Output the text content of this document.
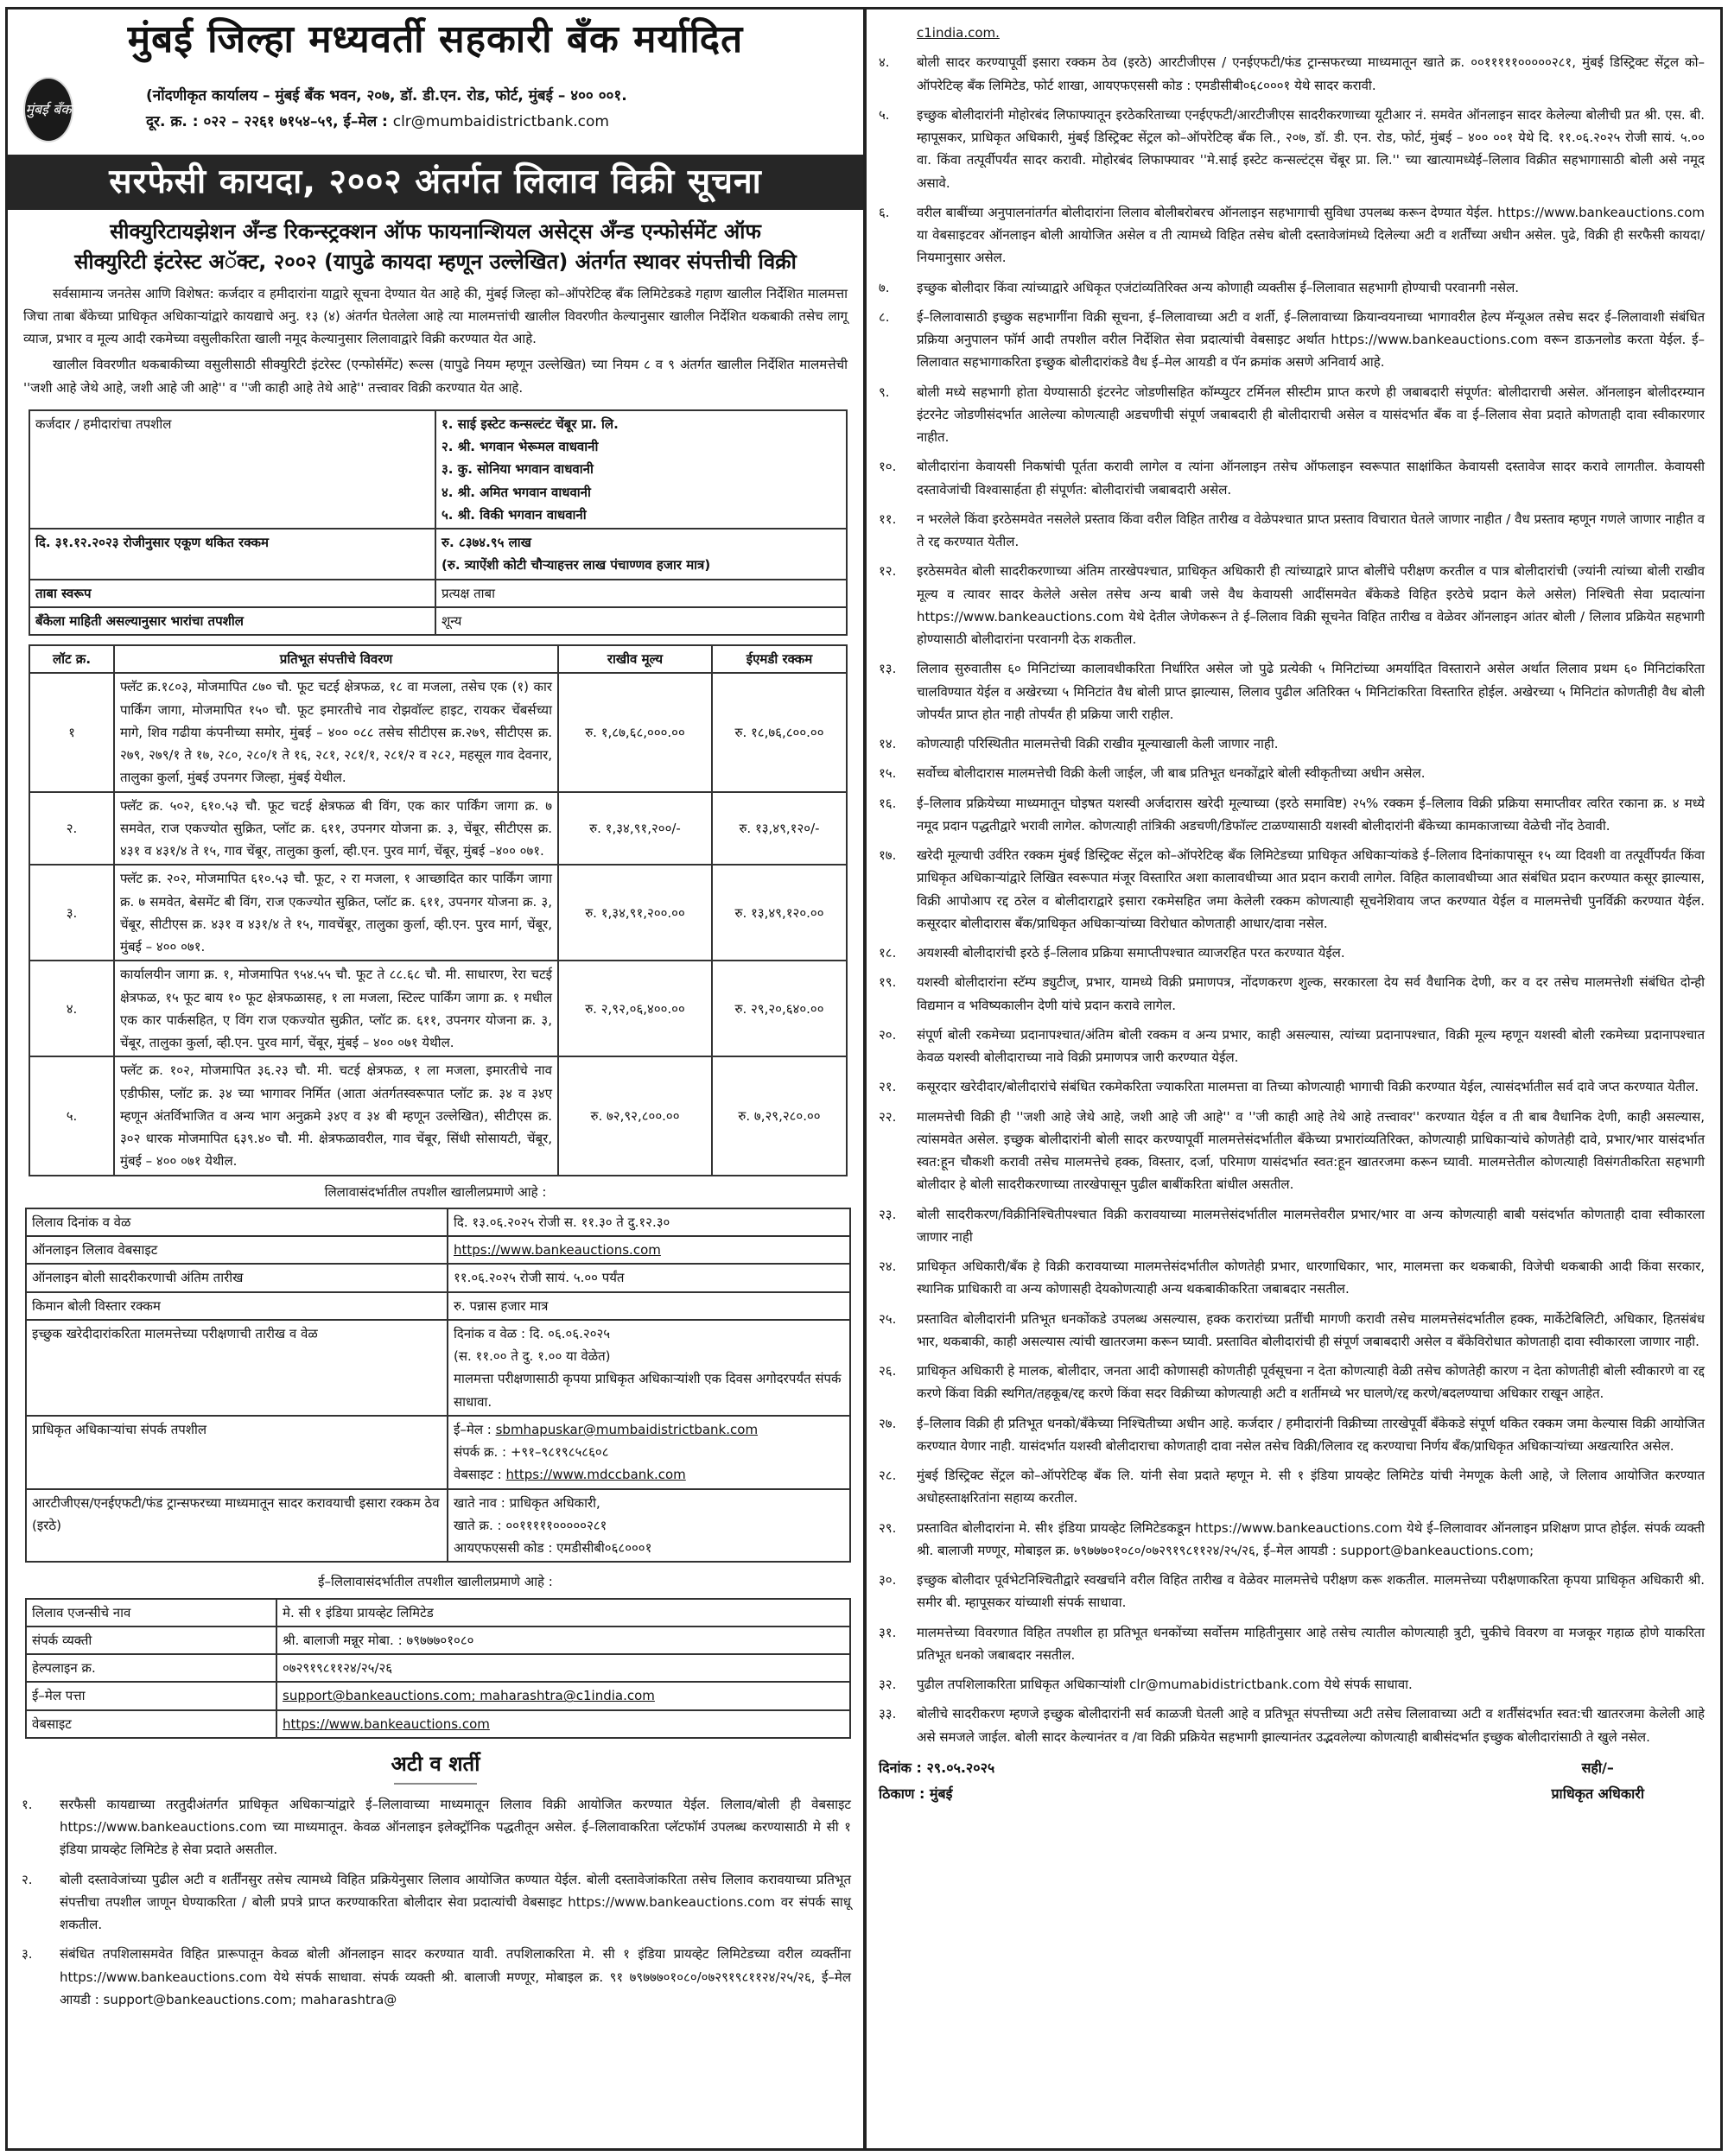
मुंबई जिल्हा मध्यवर्ती सहकारी बँक मर्यादित
मुंबई बँक
(नोंदणीकृत कार्यालय – मुंबई बँक भवन, २०७, डॉ. डी.एन. रोड, फोर्ट, मुंबई – ४०० ००१.
दूर. क्र. : ०२२ – २२६१ ७१५४–५९, ई–मेल : clr@mumbaidistrictbank.com
सरफेसी कायदा, २००२ अंतर्गत लिलाव विक्री सूचना
सीक्युरिटायझेशन अँन्ड रिकन्स्ट्रक्शन ऑफ फायनान्शियल असेट्स अँन्ड एन्फोर्समेंट ऑफ
सीक्युरिटी इंटरेस्ट अॅक्ट, २००२ (यापुढे कायदा म्हणून उल्लेखित) अंतर्गत स्थावर संपत्तीची विक्री

सर्वसामान्य जनतेस आणि विशेषत: कर्जदार व हमीदारांना याद्वारे सूचना देण्यात येत आहे की, मुंबई जिल्हा को–ऑपरेटिव्ह बँक लिमिटेडकडे गहाण खालील निर्देशित मालमत्ता जिचा ताबा बँकेच्या प्राधिकृत अधिकाऱ्यांद्वारे कायद्याचे अनु. १३ (४) अंतर्गत घेतलेला आहे त्या मालमत्तांची खालील विवरणीत केल्यानुसार खालील निर्देशित थकबाकी तसेच लागू व्याज, प्रभार व मूल्य आदी रकमेच्या वसुलीकरिता खाली नमूद केल्यानुसार लिलावाद्वारे विक्री करण्यात येत आहे.

खालील विवरणीत थकबाकीच्या वसुलीसाठी सीक्युरिटी इंटरेस्ट (एन्फोर्समेंट) रूल्स (यापुढे नियम म्हणून उल्लेखित) च्या नियम ८ व ९ अंतर्गत खालील निर्देशित मालमत्तेची ''जशी आहे जेथे आहे, जशी आहे जी आहे'' व ''जी काही आहे तेथे आहे'' तत्त्वावर विक्री करण्यात येत आहे.

कर्जदार / हमीदारांचा तपशील	१. साई इस्टेट कन्सल्टंट चेंबूर प्रा. लि.
२. श्री. भगवान भेरूमल वाधवानी
३. कु. सोनिया भगवान वाधवानी
४. श्री. अमित भगवान वाधवानी
५. श्री. विकी भगवान वाधवानी

दि. ३१.१२.२०२३ रोजीनुसार एकूण थकित रक्कम	रु. ८३७४.९५ लाख
(रु. त्र्याऐंशी कोटी चौऱ्याहत्तर लाख पंचाण्णव हजार मात्र)

ताबा स्वरूप	प्रत्यक्ष ताबा
बँकेला माहिती असल्यानुसार भारांचा तपशील	शून्य
लॉट क्र.	प्रतिभूत संपत्तीचे विवरण	राखीव मूल्य	ईएमडी रक्कम
१	फ्लॅट क्र.१८०३, मोजमापित ८७० चौ. फूट चटई क्षेत्रफळ, १८ वा मजला, तसेच एक (१) कार पार्किंग जागा, मोजमापित १५० चौ. फूट इमारतीचे नाव रोझवॉल्ट हाइट, रायकर चेंबर्सच्या मागे, शिव गढीया कंपनीच्या समोर, मुंबई – ४०० ०८८ तसेच सीटीएस क्र.२७९, सीटीएस क्र. २७९, २७९/१ ते १७, २८०, २८०/१ ते १६, २८१, २८१/१, २८१/२ व २८२, महसूल गाव देवनार, तालुका कुर्ला, मुंबई उपनगर जिल्हा, मुंबई येथील.	रु. १,८७,६८,०००.००	रु. १८,७६,८००.००
२.	फ्लॅट क्र. ५०२, ६१०.५३ चौ. फूट चटई क्षेत्रफळ बी विंग, एक कार पार्किंग जागा क्र. ७ समवेत, राज एकज्योत सुक्रित, प्लॉट क्र. ६११, उपनगर योजना क्र. ३, चेंबूर, सीटीएस क्र. ४३१ व ४३१/४ ते १५, गाव चेंबूर, तालुका कुर्ला, व्ही.एन. पुरव मार्ग, चेंबूर, मुंबई –४०० ०७१.	रु. १,३४,९१,२००/-	रु. १३,४९,१२०/-
३.	फ्लॅट क्र. २०२, मोजमापित ६१०.५३ चौ. फूट, २ रा मजला, १ आच्छादित कार पार्किंग जागा क्र. ७ समवेत, बेसमेंट बी विंग, राज एकज्योत सुक्रित, प्लॉट क्र. ६११, उपनगर योजना क्र. ३, चेंबूर, सीटीएस क्र. ४३१ व ४३१/४ ते १५, गावचेंबूर, तालुका कुर्ला, व्ही.एन. पुरव मार्ग, चेंबूर, मुंबई – ४०० ०७१.	रु. १,३४,९१,२००.००	रु. १३,४९,१२०.००
४.	कार्यालयीन जागा क्र. १, मोजमापित ९५४.५५ चौ. फूट ते ८८.६८ चौ. मी. साधारण, रेरा चटई क्षेत्रफळ, १५ फूट बाय १० फूट क्षेत्रफळासह, १ ला मजला, स्टिल्ट पार्किंग जागा क्र. १ मधील एक कार पार्कसहित, ए विंग राज एकज्योत सुक्रीत, प्लॉट क्र. ६११, उपनगर योजना क्र. ३, चेंबूर, तालुका कुर्ला, व्ही.एन. पुरव मार्ग, चेंबूर, मुंबई – ४०० ०७१ येथील.	रु. २,९२,०६,४००.००	रु. २९,२०,६४०.००
५.	फ्लॅट क्र. १०२, मोजमापित ३६.२३ चौ. मी. चटई क्षेत्रफळ, १ ला मजला, इमारतीचे नाव एडीफीस, प्लॉट क्र. ३४ च्या भागावर निर्मित (आता अंतर्गतस्वरूपात प्लॉट क्र. ३४ व ३४ए म्हणून अंतर्विभाजित व अन्य भाग अनुक्रमे ३४ए व ३४ बी म्हणून उल्लेखित), सीटीएस क्र. ३०२ धारक मोजमापित ६३९.४० चौ. मी. क्षेत्रफळावरील, गाव चेंबूर, सिंधी सोसायटी, चेंबूर, मुंबई – ४०० ०७१ येथील.	रु. ७२,९२,८००.००	रु. ७,२९,२८०.००
लिलावासंदर्भातील तपशील खालीलप्रमाणे आहे :
लिलाव दिनांक व वेळ	दि. १३.०६.२०२५ रोजी स. ११.३० ते दु.१२.३०
ऑनलाइन लिलाव वेबसाइट	https://www.bankeauctions.com
ऑनलाइन बोली सादरीकरणाची अंतिम तारीख	११.०६.२०२५ रोजी सायं. ५.०० पर्यंत
किमान बोली विस्तार रक्कम	रु. पन्नास हजार मात्र
इच्छुक खरेदीदारांकरिता मालमत्तेच्या परीक्षणाची तारीख व वेळ	दिनांक व वेळ : दि. ०६.०६.२०२५
(स. ११.०० ते दु. १.०० या वेळेत)
मालमत्ता परीक्षणासाठी कृपया प्राधिकृत अधिकाऱ्यांशी एक दिवस अगोदरपर्यंत संपर्क साधावा.

प्राधिकृत अधिकाऱ्यांचा संपर्क तपशील	ई–मेल : sbmhapuskar@mumbaidistrictbank.com
संपर्क क्र. : +९१–९८१९८५८६०८
वेबसाइट : https://www.mdccbank.com

आरटीजीएस/एनईएफटी/फंड ट्रान्सफरच्या माध्यमातून सादर करावयाची इसारा रक्कम ठेव (इरठे)	खाते नाव : प्राधिकृत अधिकारी,
खाते क्र. : ००१११११०००००२८१
आयएफएससी कोड : एमडीसीबी०६८०००१
ई–लिलावासंदर्भातील तपशील खालीलप्रमाणे आहे :
लिलाव एजन्सीचे नाव	मे. सी १ इंडिया प्रायव्हेट लिमिटेड
संपर्क व्यक्ती	श्री. बालाजी मन्नूर मोबा. : ७९७७७०१०८०
हेल्पलाइन क्र.	०७२९१९८११२४/२५/२६
ई–मेल पत्ता	support@bankeauctions.com; maharashtra@c1india.com
वेबसाइट	https://www.bankeauctions.com
अटी व शर्ती
१. सरफैसी कायद्याच्या तरतुदीअंतर्गत प्राधिकृत अधिकाऱ्यांद्वारे ई–लिलावाच्या माध्यमातून लिलाव विक्री आयोजित करण्यात येईल. लिलाव/बोली ही वेबसाइट https://www.bankeauctions.com च्या माध्यमातून. केवळ ऑनलाइन इलेक्ट्रॉनिक पद्धतीतून असेल. ई–लिलावाकरिता प्लॅटफॉर्म उपलब्ध करण्यासाठी मे सी १ इंडिया प्रायव्हेट लिमिटेड हे सेवा प्रदाते असतील.
२. बोली दस्तावेजांच्या पुढील अटी व शर्तींनसुर तसेच त्यामध्ये विहित प्रक्रियेनुसार लिलाव आयोजित कण्यात येईल. बोली दस्तावेजांकरिता तसेच लिलाव करावयाच्या प्रतिभूत संपत्तीचा तपशील जाणून घेण्याकरिता / बोली प्रपत्रे प्राप्त करण्याकरिता बोलीदार सेवा प्रदात्यांची वेबसाइट https://www.bankeauctions.com वर संपर्क साधू शकतील.
३. संबंधित तपशिलासमवेत विहित प्रारूपातून केवळ बोली ऑनलाइन सादर करण्यात यावी. तपशिलाकरिता मे. सी १ इंडिया प्रायव्हेट लिमिटेडच्या वरील व्यक्तींना https://www.bankeauctions.com येथे संपर्क साधावा. संपर्क व्यक्ती श्री. बालाजी मण्णूर, मोबाइल क्र. ९१ ७९७७७०१०८०/०७२९१९८११२४/२५/२६, ई–मेल आयडी : support@bankeauctions.com; maharashtra@
c1india.com.
४. बोली सादर करण्यापूर्वी इसारा रक्कम ठेव (इरठे) आरटीजीएस / एनईएफटी/फंड ट्रान्सफरच्या माध्यमातून खाते क्र. ००१११११०००००२८१, मुंबई डिस्ट्रिक्ट सेंट्रल को–ऑपरेटिव्ह बँक लिमिटेड, फोर्ट शाखा, आयएफएससी कोड : एमडीसीबी०६८०००१ येथे सादर करावी.
५. इच्छुक बोलीदारांनी मोहोरबंद लिफाफ्यातून इरठेकरिताच्या एनईएफटी/आरटीजीएस सादरीकरणाच्या यूटीआर नं. समवेत ऑनलाइन सादर केलेल्या बोलीची प्रत श्री. एस. बी. म्हापूसकर, प्राधिकृत अधिकारी, मुंबई डिस्ट्रिक्ट सेंट्रल को–ऑपरेटिव्ह बँक लि., २०७, डॉ. डी. एन. रोड, फोर्ट, मुंबई – ४०० ००१ येथे दि. ११.०६.२०२५ रोजी सायं. ५.०० वा. किंवा तत्पूर्वीपर्यंत सादर करावी. मोहोरबंद लिफाफ्यावर ''मे.साई इस्टेट कन्सल्टंट्स चेंबूर प्रा. लि.'' च्या खात्यामध्येई–लिलाव विक्रीत सहभागासाठी बोली असे नमूद असावे.
६. वरील बाबींच्या अनुपालनांतर्गत बोलीदारांना लिलाव बोलीबरोबरच ऑनलाइन सहभागाची सुविधा उपलब्ध करून देण्यात येईल. https://www.bankeauctions.com या वेबसाइटवर ऑनलाइन बोली आयोजित असेल व ती त्यामध्ये विहित तसेच बोली दस्तावेजांमध्ये दिलेल्या अटी व शर्तींच्या अधीन असेल. पुढे, विक्री ही सरफैसी कायदा/नियमानुसार असेल.
७. इच्छुक बोलीदार किंवा त्यांच्याद्वारे अधिकृत एजंटांव्यतिरिक्त अन्य कोणाही व्यक्तीस ई–लिलावात सहभागी होण्याची परवानगी नसेल.
८. ई–लिलावासाठी इच्छुक सहभागींना विक्री सूचना, ई–लिलावाच्या अटी व शर्ती, ई–लिलावाच्या क्रियान्वयनाच्या भागावरील हेल्प मॅन्यूअल तसेच सदर ई–लिलावाशी संबंधित प्रक्रिया अनुपालन फॉर्म आदी तपशील वरील निर्देशित सेवा प्रदात्यांची वेबसाइट अर्थात https://www.bankeauctions.com वरून डाऊनलोड करता येईल. ई–लिलावात सहभागाकरिता इच्छुक बोलीदारांकडे वैध ई–मेल आयडी व पॅन क्रमांक असणे अनिवार्य आहे.
९. बोली मध्ये सहभागी होता येण्यासाठी इंटरनेट जोडणीसहित कॉम्प्युटर टर्मिनल सीस्टीम प्राप्त करणे ही जबाबदारी संपूर्णत: बोलीदाराची असेल. ऑनलाइन बोलीदरम्यान इंटरनेट जोडणीसंदर्भात आलेल्या कोणत्याही अडचणीची संपूर्ण जबाबदारी ही बोलीदाराची असेल व यासंदर्भात बँक वा ई–लिलाव सेवा प्रदाते कोणताही दावा स्वीकारणार नाहीत.
१०. बोलीदारांना केवायसी निकषांची पूर्तता करावी लागेल व त्यांना ऑनलाइन तसेच ऑफलाइन स्वरूपात साक्षांकित केवायसी दस्तावेज सादर करावे लागतील. केवायसी दस्तावेजांची विश्वासार्हता ही संपूर्णत: बोलीदारांची जबाबदारी असेल.
११. न भरलेले किंवा इरठेसमवेत नसलेले प्रस्ताव किंवा वरील विहित तारीख व वेळेपश्चात प्राप्त प्रस्ताव विचारात घेतले जाणार नाहीत / वैध प्रस्ताव म्हणून गणले जाणार नाहीत व ते रद्द करण्यात येतील.
१२. इरठेसमवेत बोली सादरीकरणाच्या अंतिम तारखेपश्चात, प्राधिकृत अधिकारी ही त्यांच्याद्वारे प्राप्त बोलींचे परीक्षण करतील व पात्र बोलीदारांची (ज्यांनी त्यांच्या बोली राखीव मूल्य व त्यावर सादर केलेले असेल तसेच अन्य बाबी जसे वैध केवायसी आदींसमवेत बँकेकडे विहित इरठेचे प्रदान केले असेल) निश्चिती सेवा प्रदात्यांना https://www.bankeauctions.com येथे देतील जेणेकरून ते ई–लिलाव विक्री सूचनेत विहित तारीख व वेळेवर ऑनलाइन आंतर बोली / लिलाव प्रक्रियेत सहभागी होण्यासाठी बोलीदारांना परवानगी देऊ शकतील.
१३. लिलाव सुरुवातीस ६० मिनिटांच्या कालावधीकरिता निर्धारित असेल जो पुढे प्रत्येकी ५ मिनिटांच्या अमर्यादित विस्ताराने असेल अर्थात लिलाव प्रथम ६० मिनिटांकरिता चालविण्यात येईल व अखेरच्या ५ मिनिटांत वैध बोली प्राप्त झाल्यास, लिलाव पुढील अतिरिक्त ५ मिनिटांकरिता विस्तारित होईल. अखेरच्या ५ मिनिटांत कोणतीही वैध बोली जोपर्यंत प्राप्त होत नाही तोपर्यंत ही प्रक्रिया जारी राहील.
१४. कोणत्याही परिस्थितीत मालमत्तेची विक्री राखीव मूल्याखाली केली जाणार नाही.
१५. सर्वोच्च बोलीदारास मालमत्तेची विक्री केली जाईल, जी बाब प्रतिभूत धनकोंद्वारे बोली स्वीकृतीच्या अधीन असेल.
१६. ई–लिलाव प्रक्रियेच्या माध्यमातून घोइषत यशस्वी अर्जदारास खरेदी मूल्याच्या (इरठे समाविष्ट) २५% रक्कम ई–लिलाव विक्री प्रक्रिया समाप्तीवर त्वरित रकाना क्र. ४ मध्ये नमूद प्रदान पद्धतीद्वारे भरावी लागेल. कोणत्याही तांत्रिकी अडचणी/डिफॉल्ट टाळण्यासाठी यशस्वी बोलीदारांनी बँकेच्या कामकाजाच्या वेळेची नोंद ठेवावी.
१७. खरेदी मूल्याची उर्वरित रक्कम मुंबई डिस्ट्रिक्ट सेंट्रल को–ऑपरेटिव्ह बँक लिमिटेडच्या प्राधिकृत अधिकाऱ्यांकडे ई–लिलाव दिनांकापासून १५ व्या दिवशी वा तत्पूर्वीपर्यंत किंवा प्राधिकृत अधिकाऱ्यांद्वारे लिखित स्वरूपात मंजूर विस्तारित अशा कालावधीच्या आत प्रदान करावी लागेल. विहित कालावधीच्या आत संबंधित प्रदान करण्यात कसूर झाल्यास, विक्री आपोआप रद्द ठरेल व बोलीदाराद्वारे इसारा रकमेसहित जमा केलेली रक्कम कोणत्याही सूचनेशिवाय जप्त करण्यात येईल व मालमत्तेची पुनर्विक्री करण्यात येईल. कसूरदार बोलीदारास बँक/प्राधिकृत अधिकाऱ्यांच्या विरोधात कोणताही आधार/दावा नसेल.
१८. अयशस्वी बोलीदारांची इरठे ई–लिलाव प्रक्रिया समाप्तीपश्चात व्याजरहित परत करण्यात येईल.
१९. यशस्वी बोलीदारांना स्टॅम्प ड्युटीज्, प्रभार, यामध्ये विक्री प्रमाणपत्र, नोंदणकरण शुल्क, सरकारला देय सर्व वैधानिक देणी, कर व दर तसेच मालमत्तेशी संबंधित दोन्ही विद्यमान व भविष्यकालीन देणी यांचे प्रदान करावे लागेल.
२०. संपूर्ण बोली रकमेच्या प्रदानापश्चात/अंतिम बोली रक्कम व अन्य प्रभार, काही असल्यास, त्यांच्या प्रदानापश्चात, विक्री मूल्य म्हणून यशस्वी बोली रकमेच्या प्रदानापश्चात केवळ यशस्वी बोलीदाराच्या नावे विक्री प्रमाणपत्र जारी करण्यात येईल.
२१. कसूरदार खरेदीदार/बोलीदारांचे संबंधित रकमेकरिता ज्याकरिता मालमत्ता वा तिच्या कोणत्याही भागाची विक्री करण्यात येईल, त्यासंदर्भातील सर्व दावे जप्त करण्यात येतील.
२२. मालमत्तेची विक्री ही ''जशी आहे जेथे आहे, जशी आहे जी आहे'' व ''जी काही आहे तेथे आहे तत्त्वावर'' करण्यात येईल व ती बाब वैधानिक देणी, काही असल्यास, त्यांसमवेत असेल. इच्छुक बोलीदारांनी बोली सादर करण्यापूर्वी मालमत्तेसंदर्भातील बँकेच्या प्रभारांव्यतिरिक्त, कोणत्याही प्राधिकाऱ्यांचे कोणतेही दावे, प्रभार/भार यासंदर्भात स्वत:हून चौकशी करावी तसेच मालमत्तेचे हक्क, विस्तार, दर्जा, परिमाण यासंदर्भात स्वत:हून खातरजमा करून घ्यावी. मालमत्तेतील कोणत्याही विसंगतीकरिता सहभागी बोलीदार हे बोली सादरीकरणाच्या तारखेपासून पुढील बाबींकरिता बांधील असतील.
२३. बोली सादरीकरण/विक्रीनिश्चितीपश्चात विक्री करावयाच्या मालमत्तेसंदर्भातील मालमत्तेवरील प्रभार/भार वा अन्य कोणत्याही बाबी यसंदर्भात कोणताही दावा स्वीकारला जाणार नाही
२४. प्राधिकृत अधिकारी/बँक हे विक्री करावयाच्या मालमत्तेसंदर्भातील कोणतेही प्रभार, धारणाधिकार, भार, मालमत्ता कर थकबाकी, विजेची थकबाकी आदी किंवा सरकार, स्थानिक प्राधिकारी वा अन्य कोणासही देयकोणत्याही अन्य थकबाकीकरिता जबाबदार नसतील.
२५. प्रस्तावित बोलीदारांनी प्रतिभूत धनकोंकडे उपलब्ध असल्यास, हक्क करारांच्या प्रतींची मागणी करावी तसेच मालमत्तेसंदर्भातील हक्क, मार्केटेबिलिटी, अधिकार, हितसंबंध भार, थकबाकी, काही असल्यास त्यांची खातरजमा करून घ्यावी. प्रस्तावित बोलीदारांची ही संपूर्ण जबाबदारी असेल व बँकेविरोधात कोणताही दावा स्वीकारला जाणार नाही.
२६. प्राधिकृत अधिकारी हे मालक, बोलीदार, जनता आदी कोणासही कोणतीही पूर्वसूचना न देता कोणत्याही वेळी तसेच कोणतेही कारण न देता कोणतीही बोली स्वीकारणे वा रद्द करणे किंवा विक्री स्थगित/तहकूब/रद्द करणे किंवा सदर विक्रीच्या कोणत्याही अटी व शर्तीमध्ये भर घालणे/रद्द करणे/बदलण्याचा अधिकार राखून आहेत.
२७. ई–लिलाव विक्री ही प्रतिभूत धनको/बँकेच्या निश्चितीच्या अधीन आहे. कर्जदार / हमीदारांनी विक्रीच्या तारखेपूर्वी बँकेकडे संपूर्ण थकित रक्कम जमा केल्यास विक्री आयोजित करण्यात येणार नाही. यासंदर्भात यशस्वी बोलीदाराचा कोणताही दावा नसेल तसेच विक्री/लिलाव रद्द करण्याचा निर्णय बँक/प्राधिकृत अधिकाऱ्यांच्या अखत्यारित असेल.
२८. मुंबई डिस्ट्रिक्ट सेंट्रल को–ऑपरेटिव्ह बँक लि. यांनी सेवा प्रदाते म्हणून मे. सी १ इंडिया प्रायव्हेट लिमिटेड यांची नेमणूक केली आहे, जे लिलाव आयोजित करण्यात अधोहस्ताक्षरितांना सहाय्य करतील.
२९. प्रस्तावित बोलीदारांना मे. सी१ इंडिया प्रायव्हेट लिमिटेडकडून https://www.bankeauctions.com येथे ई–लिलावावर ऑनलाइन प्रशिक्षण प्राप्त होईल. संपर्क व्यक्ती श्री. बालाजी मण्णूर, मोबाइल क्र. ७९७७७०१०८०/०७२९१९८११२४/२५/२६, ई–मेल आयडी : support@bankeauctions.com;
३०. इच्छुक बोलीदार पूर्वभेटनिश्चितीद्वारे स्वखर्चाने वरील विहित तारीख व वेळेवर मालमत्तेचे परीक्षण करू शकतील. मालमत्तेच्या परीक्षणाकरिता कृपया प्राधिकृत अधिकारी श्री. समीर बी. म्हापूसकर यांच्याशी संपर्क साधावा.
३१. मालमत्तेच्या विवरणात विहित तपशील हा प्रतिभूत धनकोंच्या सर्वोत्तम माहितीनुसार आहे तसेच त्यातील कोणत्याही त्रुटी, चुकीचे विवरण वा मजकूर गहाळ होणे याकरिता प्रतिभूत धनको जबाबदार नसतील.
३२. पुढील तपशिलाकरिता प्राधिकृत अधिकाऱ्यांशी clr@mumabidistrictbank.com येथे संपर्क साधावा.
३३. बोलीचे सादरीकरण म्हणजे इच्छुक बोलीदारांनी सर्व काळजी घेतली आहे व प्रतिभूत संपत्तीच्या अटी तसेच लिलावाच्या अटी व शर्तींसंदर्भात स्वत:ची खातरजमा केलेली आहे असे समजले जाईल. बोली सादर केल्यानंतर व /वा विक्री प्रक्रियेत सहभागी झाल्यानंतर उद्भवलेल्या कोणत्याही बाबीसंदर्भात इच्छुक बोलीदारांसाठी ते खुले नसेल.
दिनांक : २९.०५.२०२५
ठिकाण : मुंबई
सही/–
प्राधिकृत अधिकारी
